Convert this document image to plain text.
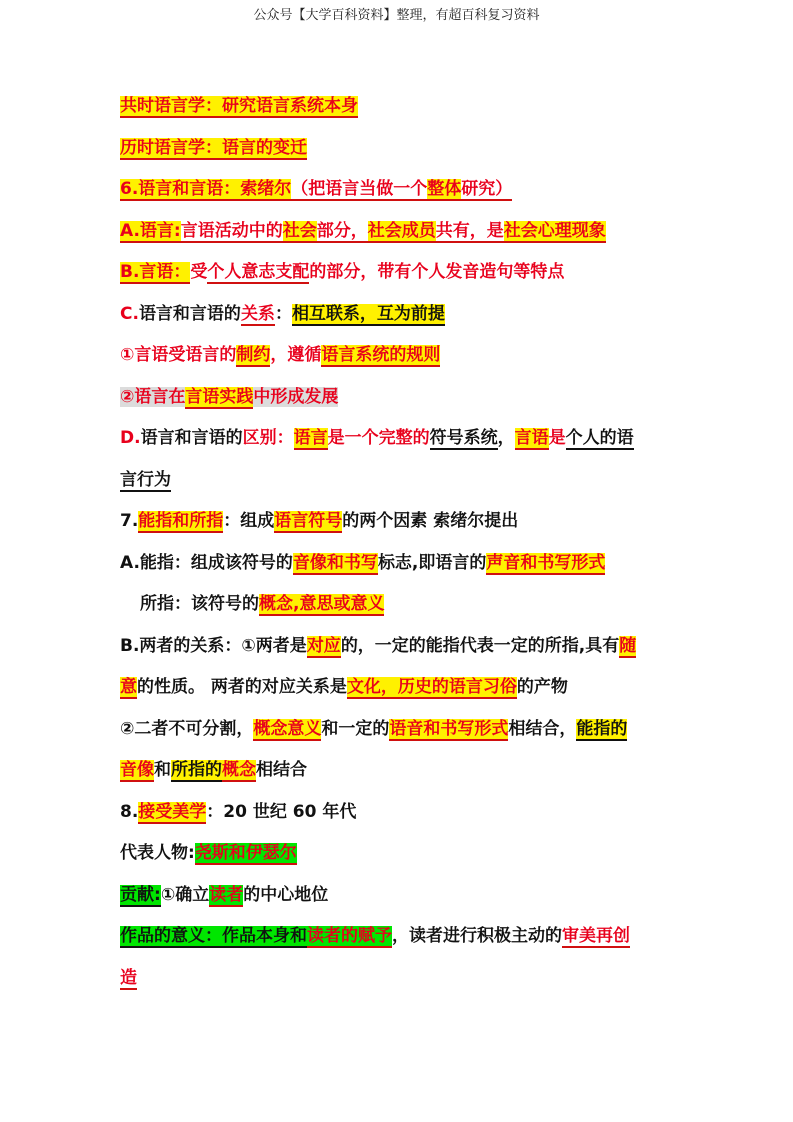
公众号【大学百科资料】整理，有超百科复习资料
共时语言学：研究语言系统本身
历时语言学：语言的变迁
6.语言和言语：索绪尔（把语言当做一个整体研究）
A.语言:言语活动中的社会部分，社会成员共有，是社会心理现象
B.言语：受个人意志支配的部分，带有个人发音造句等特点
C.语言和言语的关系：相互联系，互为前提
①言语受语言的制约，遵循语言系统的规则
②语言在言语实践中形成发展
D.语言和言语的区别：语言是一个完整的符号系统，言语是个人的语
言行为
7.能指和所指：组成语言符号的两个因素 索绪尔提出
A.能指：组成该符号的音像和书写标志,即语言的声音和书写形式
所指：该符号的概念,意思或意义
B.两者的关系：①两者是对应的，一定的能指代表一定的所指,具有随
意的性质。 两者的对应关系是文化，历史的语言习俗的产物
②二者不可分割，概念意义和一定的语音和书写形式相结合，能指的
音像和所指的概念相结合
8.接受美学：20 世纪 60 年代
代表人物:尧斯和伊瑟尔
贡献:①确立读者的中心地位
作品的意义：作品本身和读者的赋予，读者进行积极主动的审美再创
造
